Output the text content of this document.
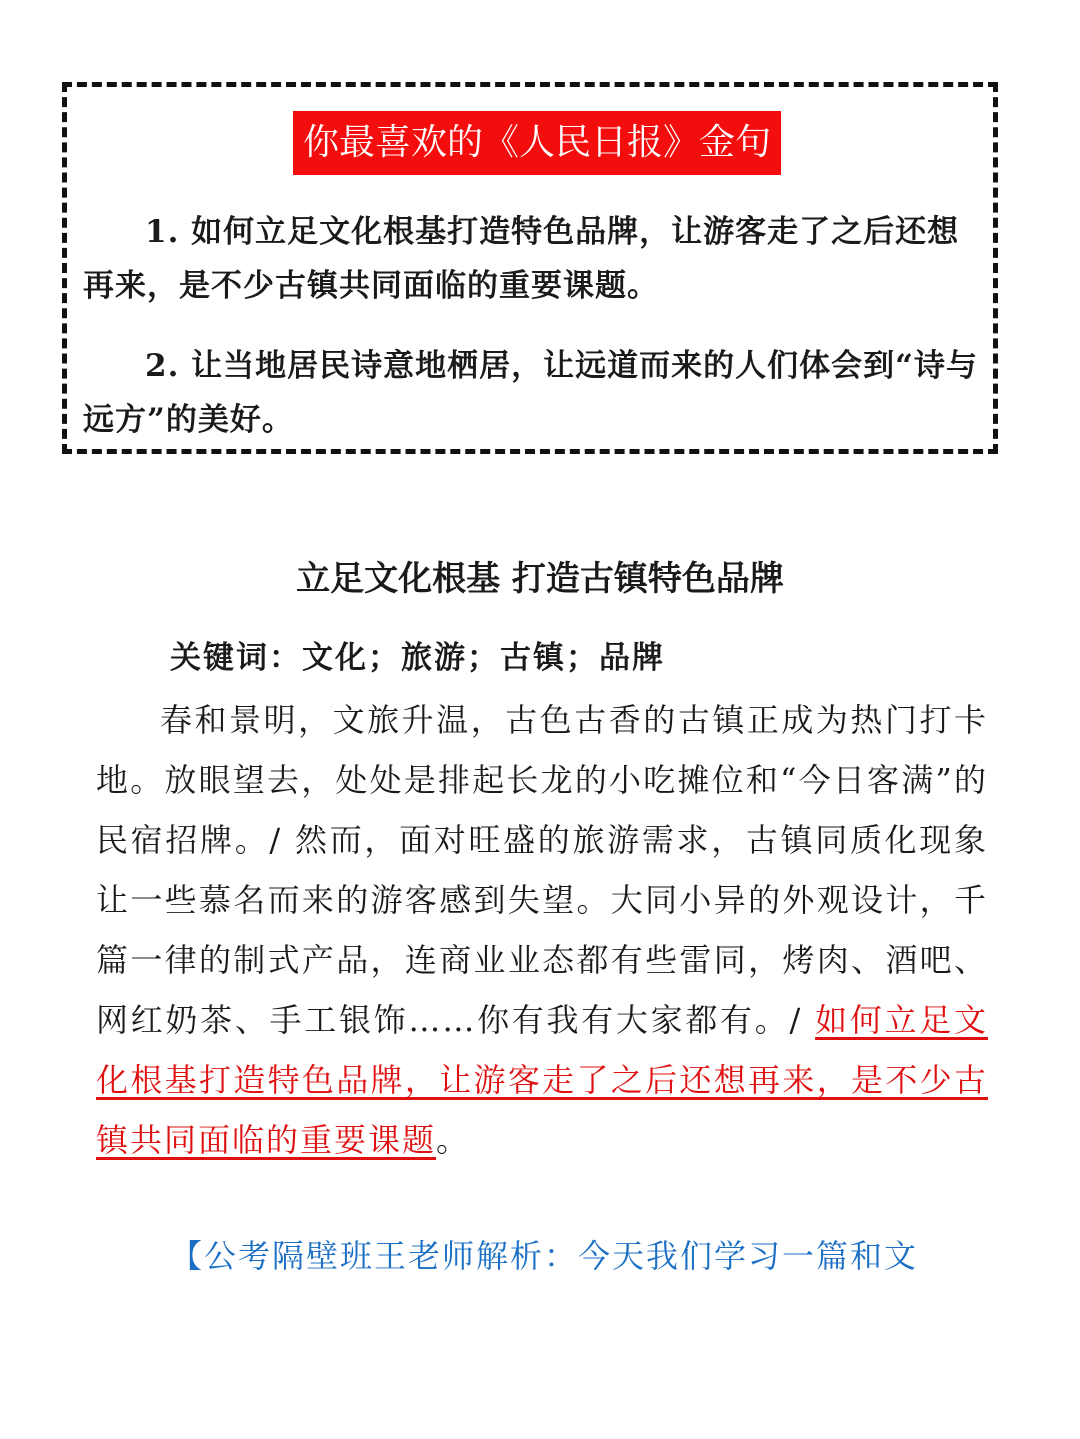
你最喜欢的《人民日报》金句
1. 如何立足文化根基打造特色品牌，让游客走了之后还想再来，是不少古镇共同面临的重要课题。
2. 让当地居民诗意地栖居，让远道而来的人们体会到“诗与远方”的美好。
立足文化根基 打造古镇特色品牌
关键词：文化；旅游；古镇；品牌
春和景明，文旅升温，古色古香的古镇正成为热门打卡地。放眼望去，处处是排起长龙的小吃摊位和“今日客满”的民宿招牌。/ 然而，面对旺盛的旅游需求，古镇同质化现象让一些慕名而来的游客感到失望。大同小异的外观设计，千篇一律的制式产品，连商业业态都有些雷同，烤肉、酒吧、网红奶茶、手工银饰……你有我有大家都有。/ 如何立足文化根基打造特色品牌，让游客走了之后还想再来，是不少古镇共同面临的重要课题。
【公考隔壁班王老师解析：今天我们学习一篇和文
